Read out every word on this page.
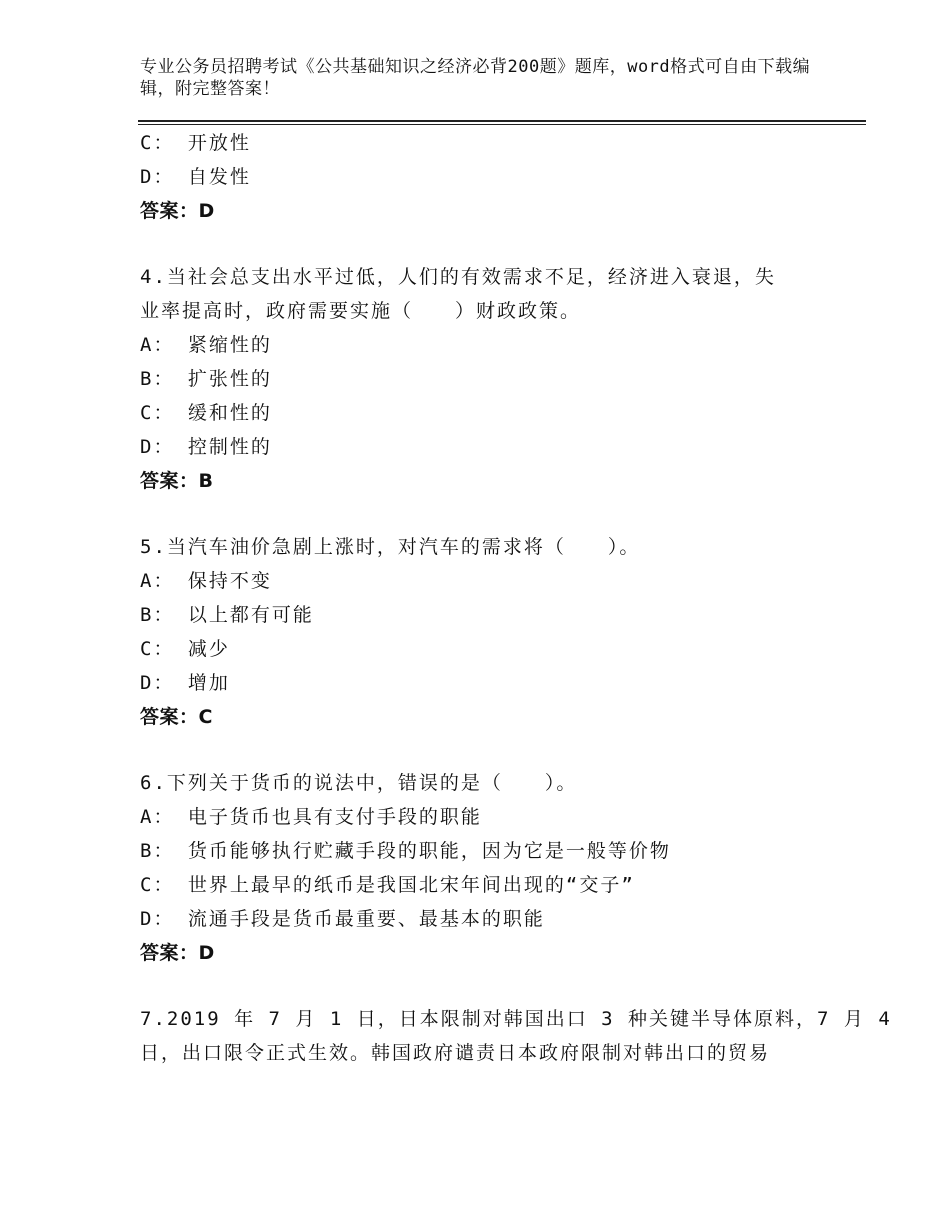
专业公务员招聘考试《公共基础知识之经济必背200题》题库，word格式可自由下载编辑，附完整答案！
C： 开放性
D： 自发性
答案：D
4.当社会总支出水平过低，人们的有效需求不足，经济进入衰退，失
业率提高时，政府需要实施（　　）财政政策。
A： 紧缩性的
B： 扩张性的
C： 缓和性的
D： 控制性的
答案：B
5.当汽车油价急剧上涨时，对汽车的需求将（　　）。
A： 保持不变
B： 以上都有可能
C： 减少
D： 增加
答案：C
6.下列关于货币的说法中，错误的是（　　）。
A： 电子货币也具有支付手段的职能
B： 货币能够执行贮藏手段的职能，因为它是一般等价物
C： 世界上最早的纸币是我国北宋年间出现的“交子”
D： 流通手段是货币最重要、最基本的职能
答案：D
7.2019 年 7 月 1 日，日本限制对韩国出口 3 种关键半导体原料，7 月 4
日，出口限令正式生效。韩国政府谴责日本政府限制对韩出口的贸易
